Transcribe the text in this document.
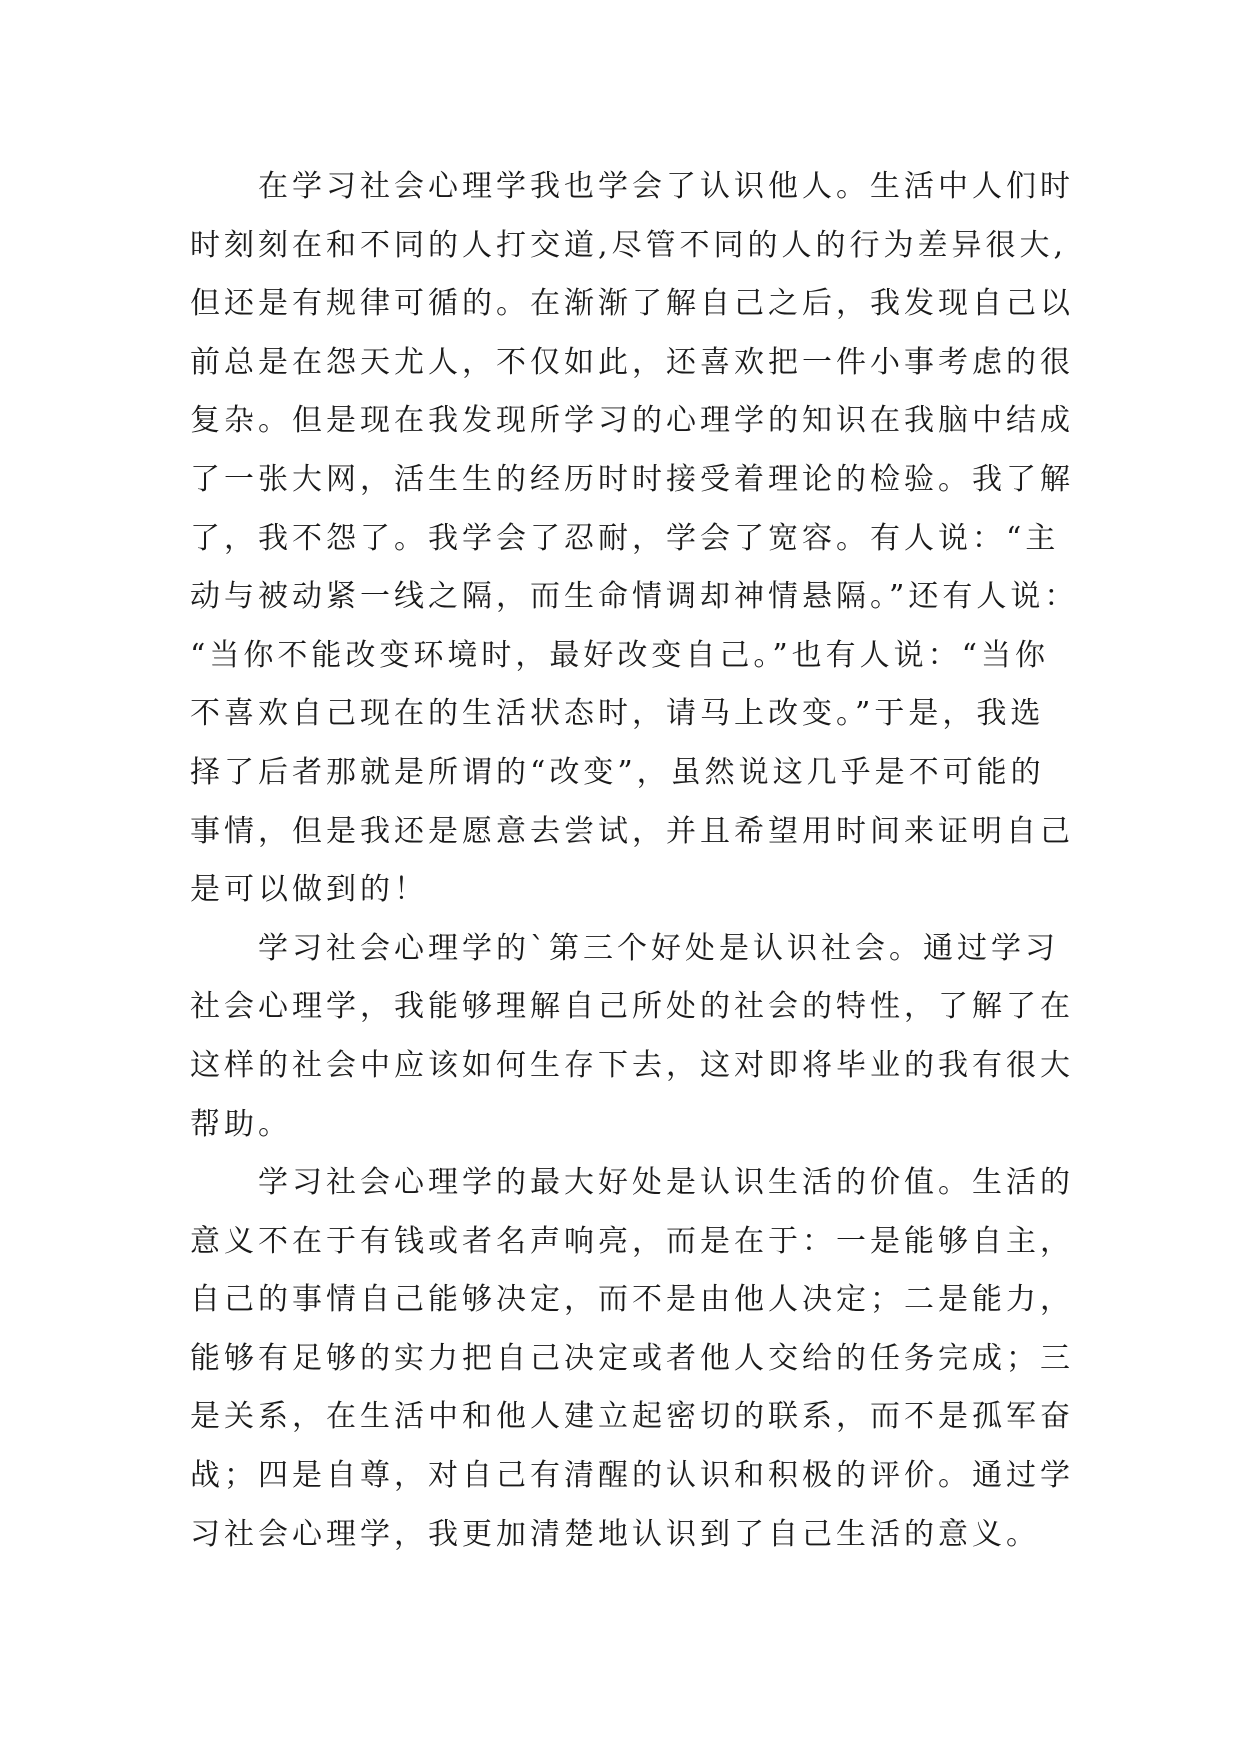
在学习社会心理学我也学会了认识他人。生活中人们时
时刻刻在和不同的人打交道,尽管不同的人的行为差异很大,
但还是有规律可循的。在渐渐了解自己之后，我发现自己以
前总是在怨天尤人，不仅如此，还喜欢把一件小事考虑的很
复杂。但是现在我发现所学习的心理学的知识在我脑中结成
了一张大网，活生生的经历时时接受着理论的检验。我了解
了，我不怨了。我学会了忍耐，学会了宽容。有人说：“主
动与被动紧一线之隔，而生命情调却神情悬隔。”还有人说：
“当你不能改变环境时，最好改变自己。”也有人说：“当你
不喜欢自己现在的生活状态时，请马上改变。”于是，我选
择了后者那就是所谓的“改变”，虽然说这几乎是不可能的
事情，但是我还是愿意去尝试，并且希望用时间来证明自己
是可以做到的！
学习社会心理学的`第三个好处是认识社会。通过学习
社会心理学，我能够理解自己所处的社会的特性，了解了在
这样的社会中应该如何生存下去，这对即将毕业的我有很大
帮助。
学习社会心理学的最大好处是认识生活的价值。生活的
意义不在于有钱或者名声响亮，而是在于：一是能够自主，
自己的事情自己能够决定，而不是由他人决定；二是能力，
能够有足够的实力把自己决定或者他人交给的任务完成；三
是关系，在生活中和他人建立起密切的联系，而不是孤军奋
战；四是自尊，对自己有清醒的认识和积极的评价。通过学
习社会心理学，我更加清楚地认识到了自己生活的意义。
